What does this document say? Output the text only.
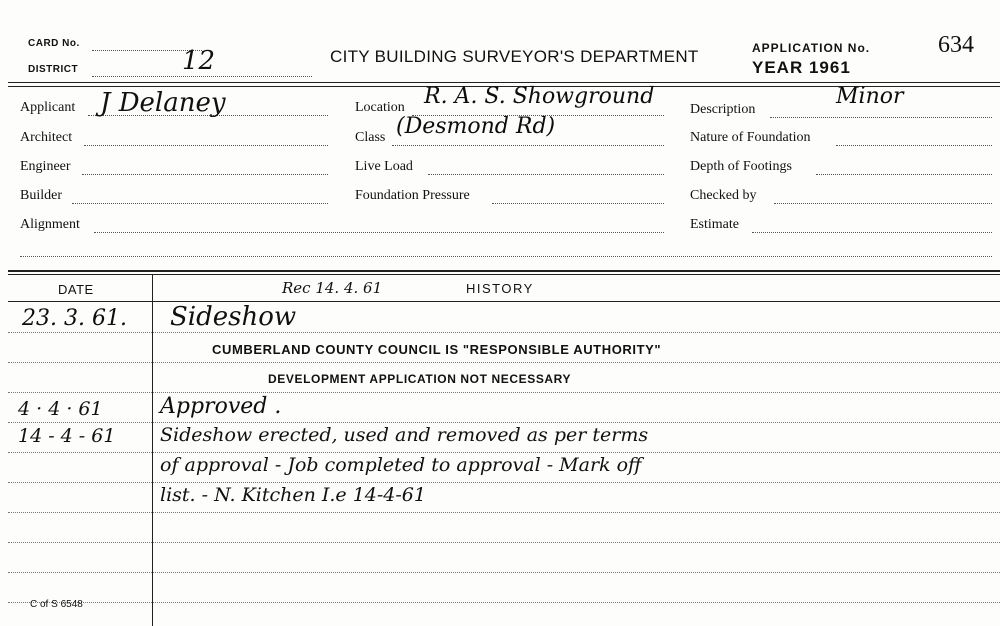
CARD No.
DISTRICT	12	CITY BUILDING SURVEYOR'S DEPARTMENT	APPLICATION No.
YEAR 1961
634
Applicant J Delaney
Architect
Engineer
Builder
Alignment
Location R. A. S. Showground
Class (Desmond Rd)
Live Load
Foundation Pressure
Description
Minor
Nature of Foundation
Depth of Footings
Checked by
Estimate
DATE	Rec 14. 4. 61	HISTORY
23. 3. 61. Sideshow
CUMBERLAND COUNTY COUNCIL IS "RESPONSIBLE AUTHORITY"
DEVELOPMENT APPLICATION NOT NECESSARY
4 · 4 · 61	Approved .
14 - 4 - 61 Sideshow erected, used and removed as per terms
of approval - Job completed to approval - Mark off
list. - N. Kitchen I.e 14-4-61
C of S 6548
